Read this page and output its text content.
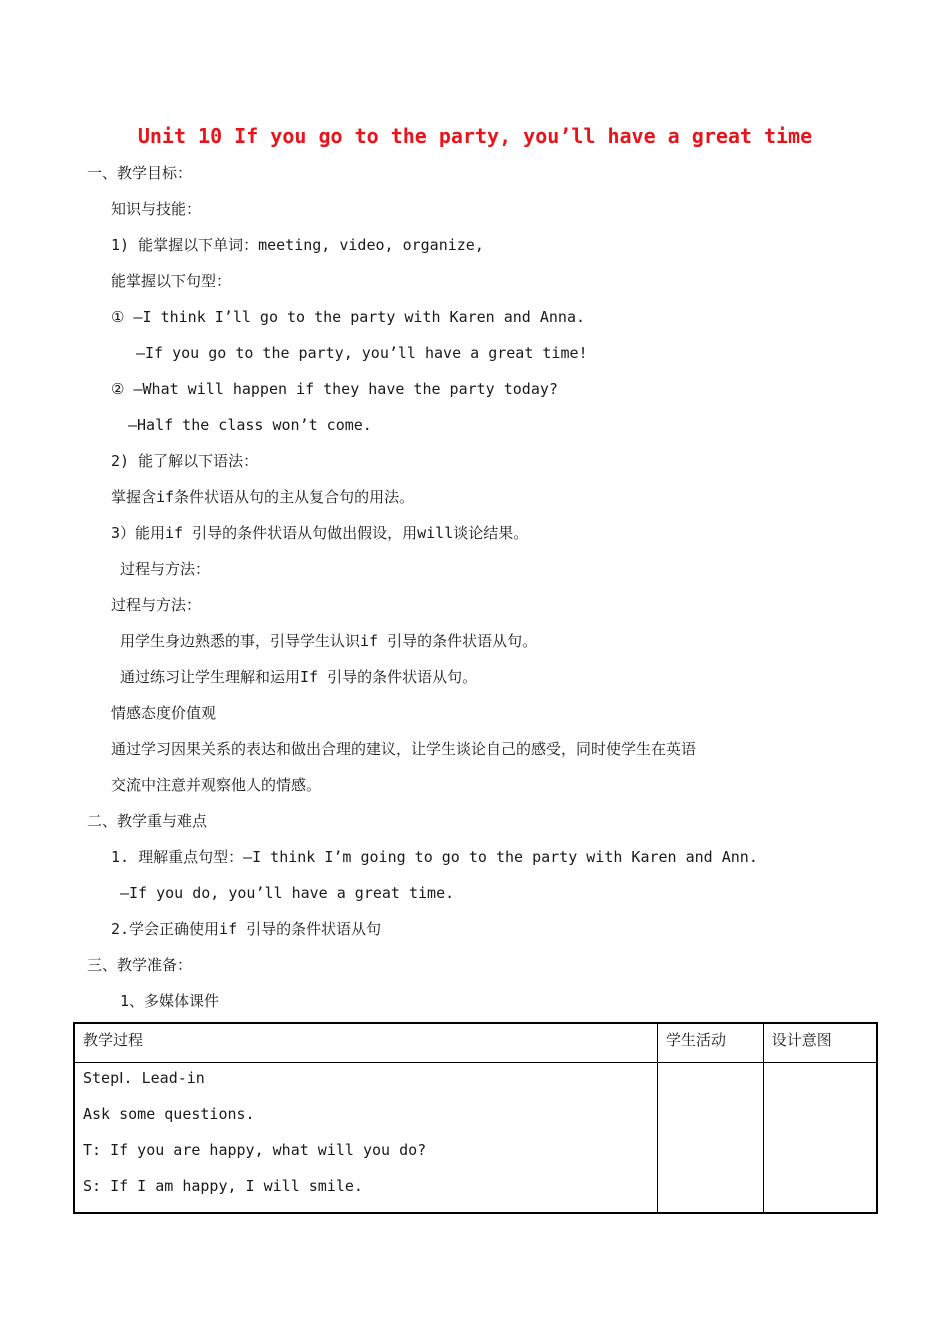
Unit 10 If you go to the party, you’ll have a great time
一、教学目标：
知识与技能：
1) 能掌握以下单词：meeting, video, organize,
能掌握以下句型：
① —I think I’ll go to the party with Karen and Anna.
—If you go to the party, you’ll have a great time!
② —What will happen if they have the party today?
—Half the class won’t come.
2) 能了解以下语法：
掌握含if条件状语从句的主从复合句的用法。
3）能用if 引导的条件状语从句做出假设，用will谈论结果。
过程与方法：
过程与方法：
用学生身边熟悉的事，引导学生认识if 引导的条件状语从句。
通过练习让学生理解和运用If 引导的条件状语从句。
情感态度价值观
通过学习因果关系的表达和做出合理的建议，让学生谈论自己的感受，同时使学生在英语
交流中注意并观察他人的情感。
二、教学重与难点
1. 理解重点句型：—I think I’m going to go to the party with Karen and Ann.
—If you do, you’ll have a great time.
2.学会正确使用if 引导的条件状语从句
三、教学准备：
1、多媒体课件
教学过程	学生活动	设计意图

StepⅠ. Lead-in
Ask some questions.
T: If you are happy, what will you do?
S: If I am happy, I will smile.		
